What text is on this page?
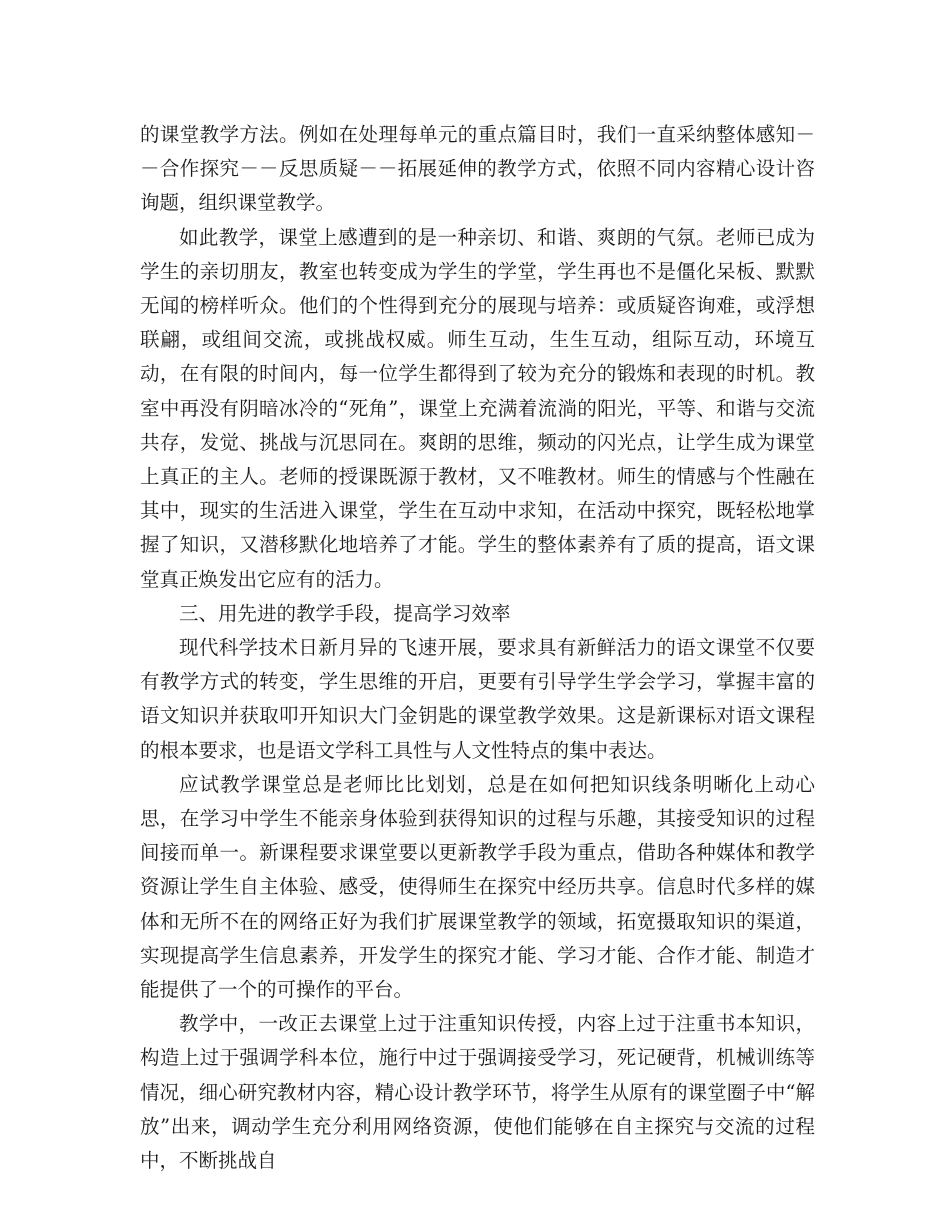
的课堂教学方法。例如在处理每单元的重点篇目时，我们一直采纳整体感知－－合作探究－－反思质疑－－拓展延伸的教学方式，依照不同内容精心设计咨询题，组织课堂教学。

如此教学，课堂上感遭到的是一种亲切、和谐、爽朗的气氛。老师已成为学生的亲切朋友，教室也转变成为学生的学堂，学生再也不是僵化呆板、默默无闻的榜样听众。他们的个性得到充分的展现与培养：或质疑咨询难，或浮想联翩，或组间交流，或挑战权威。师生互动，生生互动，组际互动，环境互动，在有限的时间内，每一位学生都得到了较为充分的锻炼和表现的时机。教室中再没有阴暗冰冷的“死角”，课堂上充满着流淌的阳光，平等、和谐与交流共存，发觉、挑战与沉思同在。爽朗的思维，频动的闪光点，让学生成为课堂上真正的主人。老师的授课既源于教材，又不唯教材。师生的情感与个性融在其中，现实的生活进入课堂，学生在互动中求知，在活动中探究，既轻松地掌握了知识，又潜移默化地培养了才能。学生的整体素养有了质的提高，语文课堂真正焕发出它应有的活力。

三、用先进的教学手段，提高学习效率

现代科学技术日新月异的飞速开展，要求具有新鲜活力的语文课堂不仅要有教学方式的转变，学生思维的开启，更要有引导学生学会学习，掌握丰富的语文知识并获取叩开知识大门金钥匙的课堂教学效果。这是新课标对语文课程的根本要求，也是语文学科工具性与人文性特点的集中表达。

应试教学课堂总是老师比比划划，总是在如何把知识线条明晰化上动心思，在学习中学生不能亲身体验到获得知识的过程与乐趣，其接受知识的过程间接而单一。新课程要求课堂要以更新教学手段为重点，借助各种媒体和教学资源让学生自主体验、感受，使得师生在探究中经历共享。信息时代多样的媒体和无所不在的网络正好为我们扩展课堂教学的领域，拓宽摄取知识的渠道，实现提高学生信息素养，开发学生的探究才能、学习才能、合作才能、制造才能提供了一个的可操作的平台。

教学中，一改正去课堂上过于注重知识传授，内容上过于注重书本知识，构造上过于强调学科本位，施行中过于强调接受学习，死记硬背，机械训练等情况，细心研究教材内容，精心设计教学环节，将学生从原有的课堂圈子中“解放”出来，调动学生充分利用网络资源，使他们能够在自主探究与交流的过程中，不断挑战自
